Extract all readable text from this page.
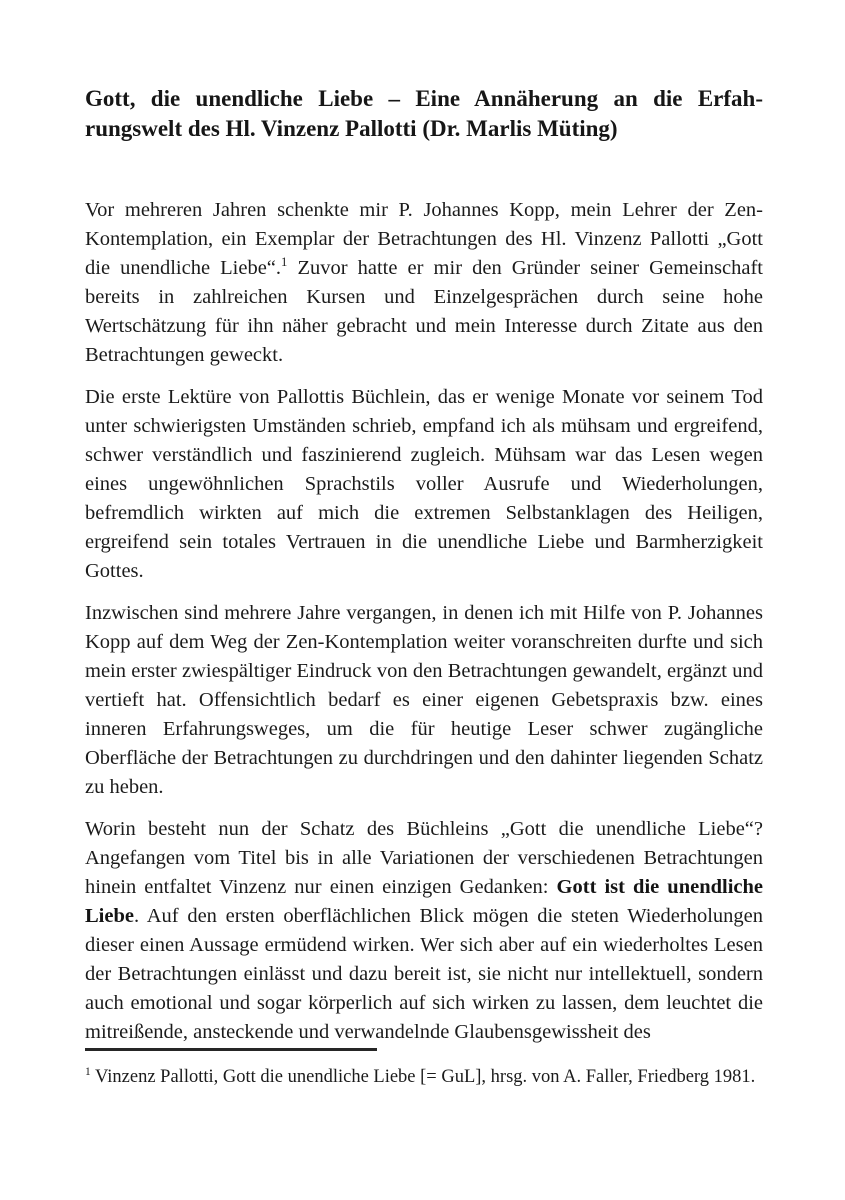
Gott, die unendliche Liebe – Eine Annäherung an die Erfahrungswelt des Hl. Vinzenz Pallotti (Dr. Marlis Müting)

Vor mehreren Jahren schenkte mir P. Johannes Kopp, mein Lehrer der Zen-Kontemplation, ein Exemplar der Betrachtungen des Hl. Vinzenz Pallotti „Gott die unendliche Liebe“.$^1$ Zuvor hatte er mir den Gründer seiner Gemeinschaft bereits in zahlreichen Kursen und Einzelgesprächen durch seine hohe Wertschätzung für ihn näher gebracht und mein Interesse durch Zitate aus den Betrachtungen geweckt.

Die erste Lektüre von Pallottis Büchlein, das er wenige Monate vor seinem Tod unter schwierigsten Umständen schrieb, empfand ich als mühsam und ergreifend, schwer verständlich und faszinierend zugleich. Mühsam war das Lesen wegen eines ungewöhnlichen Sprachstils voller Ausrufe und Wiederholungen, befremdlich wirkten auf mich die extremen Selbstanklagen des Heiligen, ergreifend sein totales Vertrauen in die unendliche Liebe und Barmherzigkeit Gottes.

Inzwischen sind mehrere Jahre vergangen, in denen ich mit Hilfe von P. Johannes Kopp auf dem Weg der Zen-Kontemplation weiter voranschreiten durfte und sich mein erster zwiespältiger Eindruck von den Betrachtungen gewandelt, ergänzt und vertieft hat. Offensichtlich bedarf es einer eigenen Gebetspraxis bzw. eines inneren Erfahrungsweges, um die für heutige Leser schwer zugängliche Oberfläche der Betrachtungen zu durchdringen und den dahinter liegenden Schatz zu heben.

Worin besteht nun der Schatz des Büchleins „Gott die unendliche Liebe“? Angefangen vom Titel bis in alle Variationen der verschiedenen Betrachtungen hinein entfaltet Vinzenz nur einen einzigen Gedanken: Gott ist die unendliche Liebe. Auf den ersten oberflächlichen Blick mögen die steten Wiederholungen dieser einen Aussage ermüdend wirken. Wer sich aber auf ein wiederholtes Lesen der Betrachtungen einlässt und dazu bereit ist, sie nicht nur intellektuell, sondern auch emotional und sogar körperlich auf sich wirken zu lassen, dem leuchtet die mitreißende, ansteckende und verwandelnde Glaubensgewissheit des

$^1$ Vinzenz Pallotti, Gott die unendliche Liebe [= GuL], hrsg. von A. Faller, Friedberg 1981.
